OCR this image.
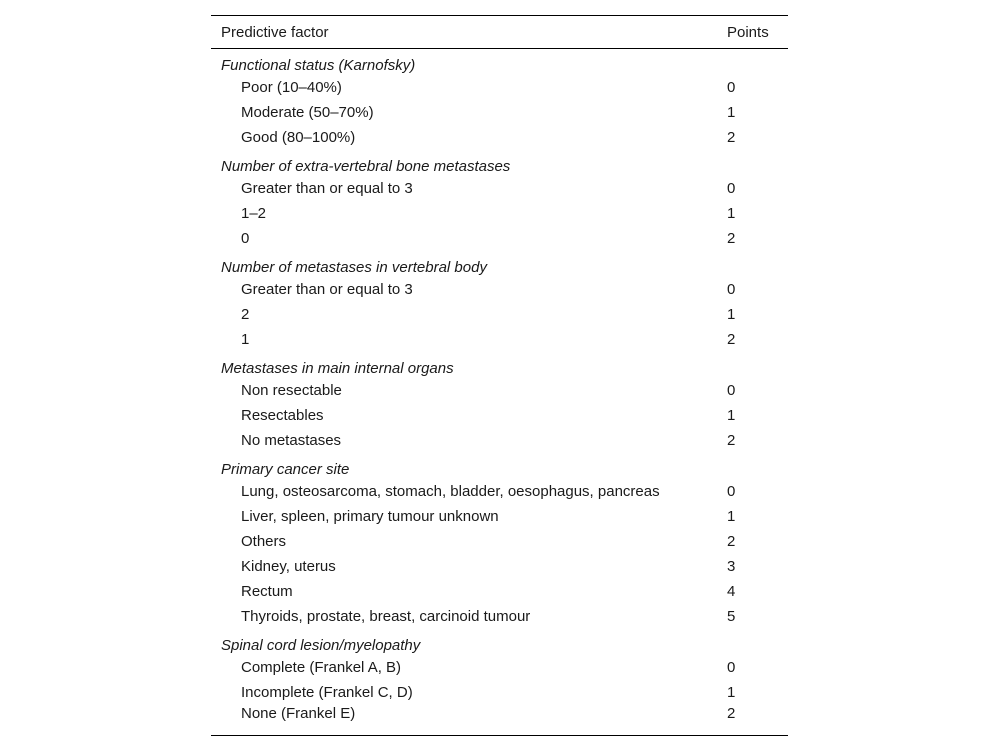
Predictive factor	Points
Functional status (Karnofsky)	
Poor (10–40%)	0
Moderate (50–70%)	1
Good (80–100%)	2
Number of extra-vertebral bone metastases	
Greater than or equal to 3	0
1–2	1
0	2
Number of metastases in vertebral body	
Greater than or equal to 3	0
2	1
1	2
Metastases in main internal organs	
Non resectable	0
Resectables	1
No metastases	2
Primary cancer site	
Lung, osteosarcoma, stomach, bladder, oesophagus, pancreas	0
Liver, spleen, primary tumour unknown	1
Others	2
Kidney, uterus	3
Rectum	4
Thyroids, prostate, breast, carcinoid tumour	5
Spinal cord lesion/myelopathy	
Complete (Frankel A, B)	0
Incomplete (Frankel C, D)	1
None (Frankel E)	2
